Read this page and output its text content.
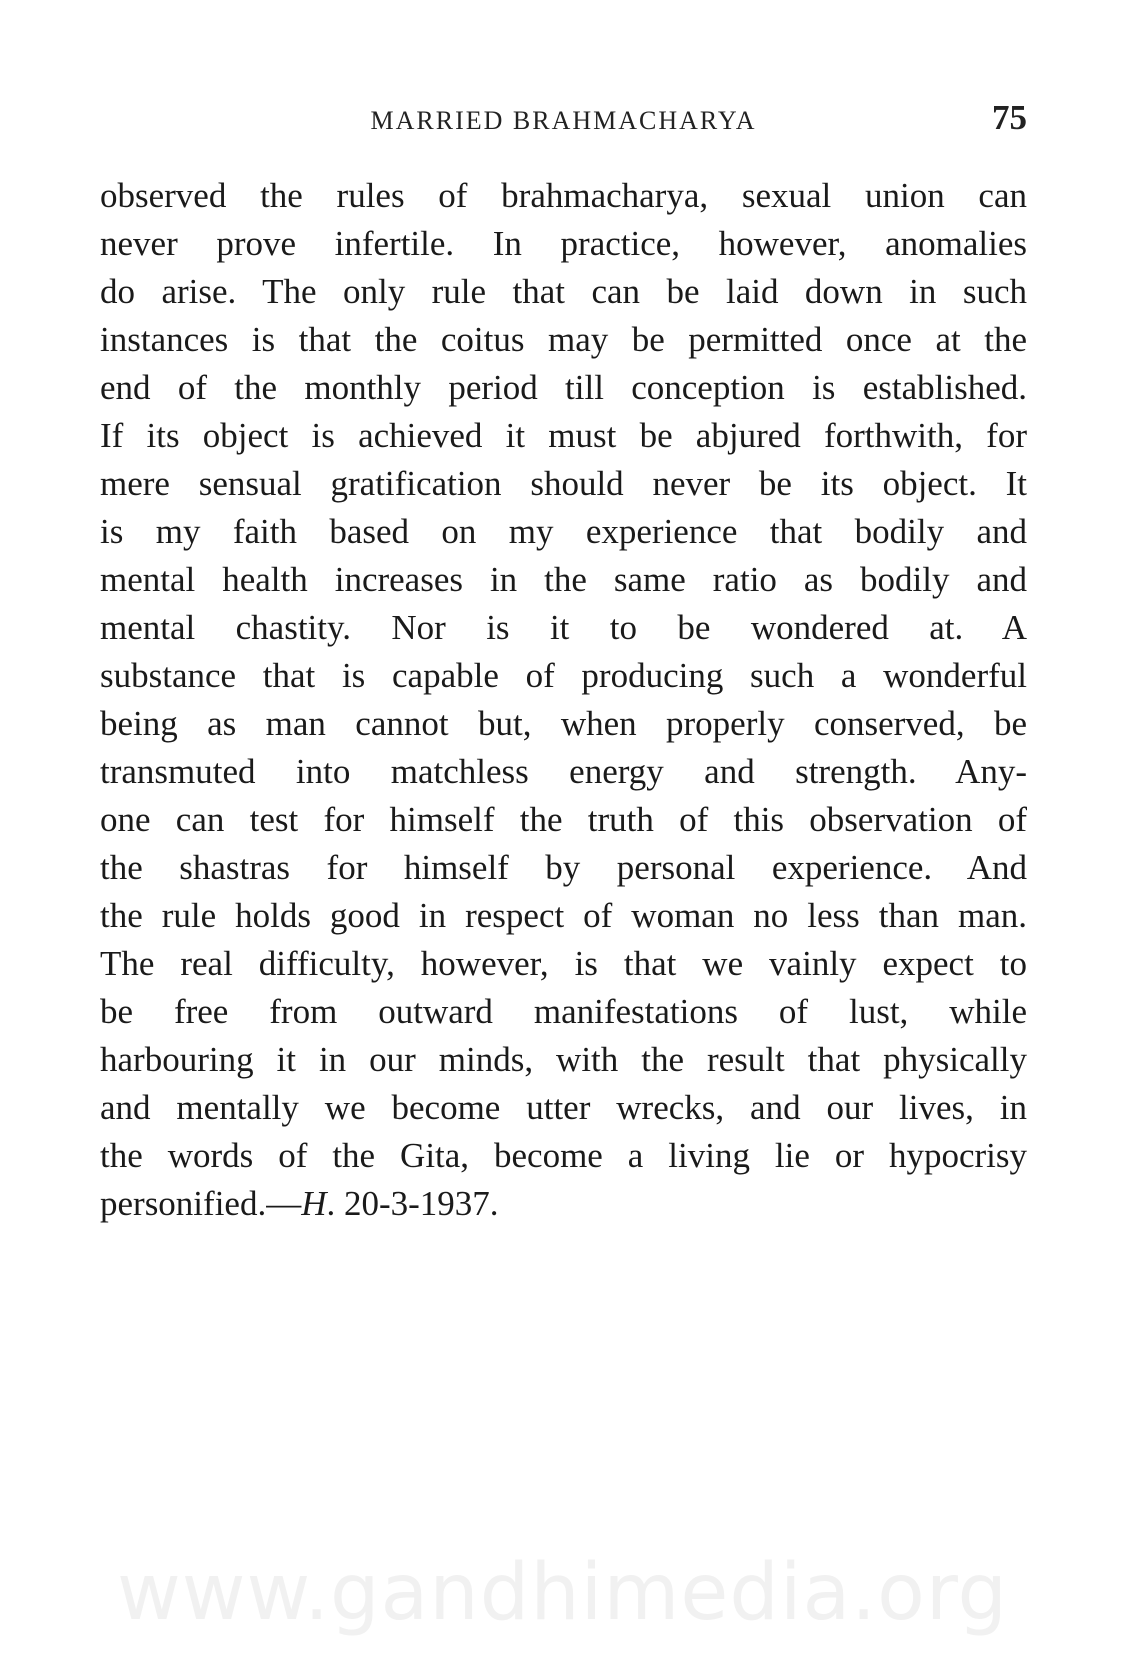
MARRIED BRAHMACHARYA	75
observed the rules of brahmacharya, sexual union can
never prove infertile. In practice, however, anomalies
do arise. The only rule that can be laid down in such
instances is that the coitus may be permitted once at the
end of the monthly period till conception is established.
If its object is achieved it must be abjured forthwith, for
mere sensual gratification should never be its object. It
is my faith based on my experience that bodily and
mental health increases in the same ratio as bodily and
mental chastity. Nor is it to be wondered at. A
substance that is capable of producing such a wonderful
being as man cannot but, when properly conserved, be
transmuted into matchless energy and strength. Any-
one can test for himself the truth of this observation of
the shastras for himself by personal experience. And
the rule holds good in respect of woman no less than man.
The real difficulty, however, is that we vainly expect to
be free from outward manifestations of lust, while
harbouring it in our minds, with the result that physically
and mentally we become utter wrecks, and our lives, in
the words of the Gita, become a living lie or hypocrisy
personified.—H. 20-3-1937.
www.gandhimedia.org
